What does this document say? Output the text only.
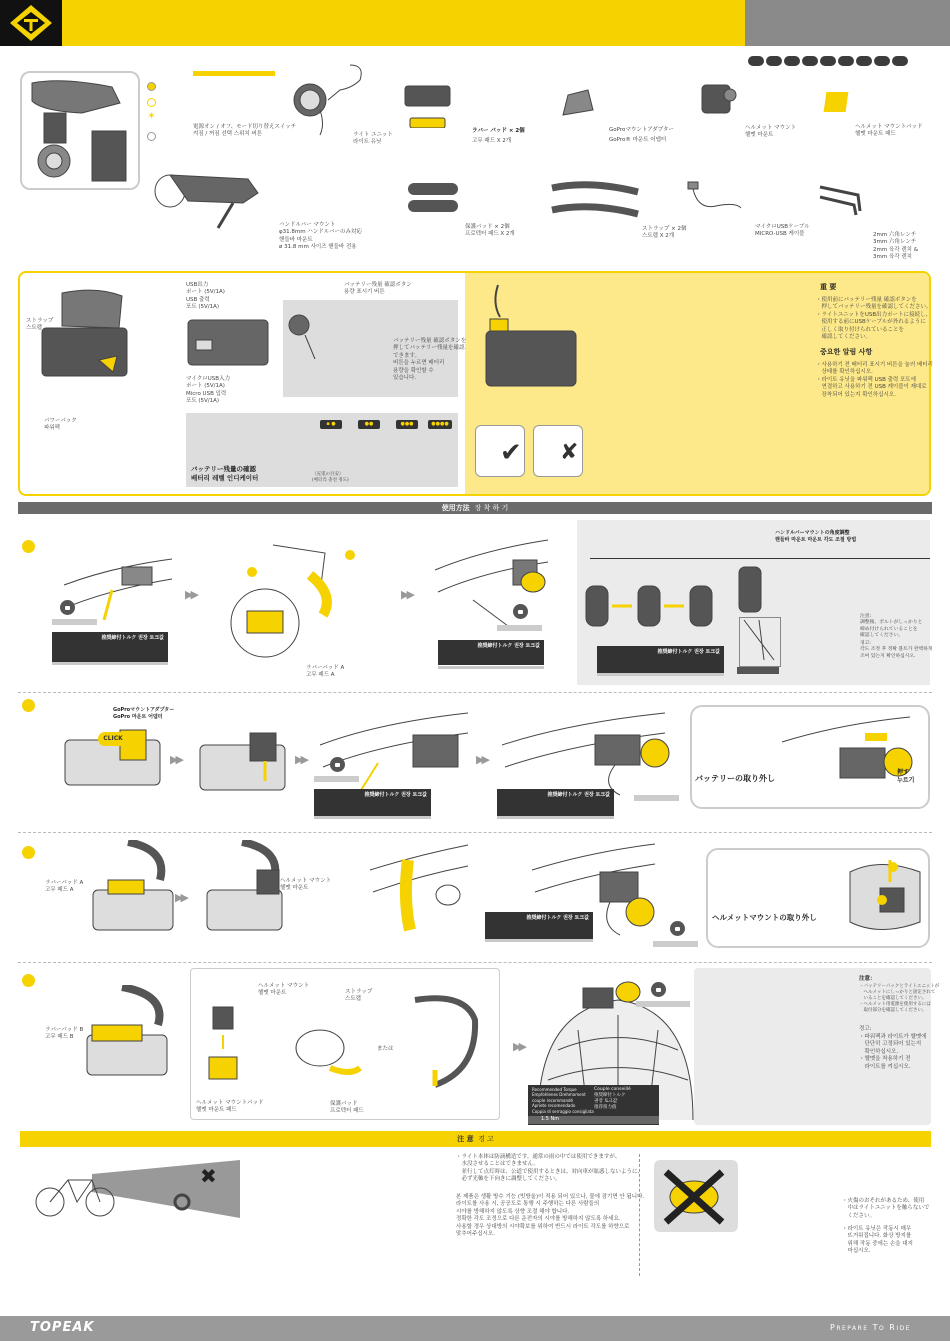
✶
電源オン / オフ、モード切り替えスイッチ
켜짐 / 꺼짐 선택 스위치 버튼	ライト ユニット
라이트 유닛
ラバー パッド × 2個
고무 패드 X 2개
GoProマウントアダプター
GoPro® 마운트 어댑터
ヘルメット マウント
헬멧 마운트
ヘルメット マウントパッド
헬멧 마운트 패드
ハンドルバー マウント
φ31.8mm ハンドルバーのみ対応
핸들바 마운트
ø 31.8 mm 사이즈 핸들바 전용
保護パッド × 2個
프로텍터 패드 X 2개
ストラップ × 2個
스트랩 X 2개
マイクロUSBケーブル
MICRO-USB 케이블	2mm 六角レンチ
3mm 六角レンチ
2mm 육각 렌치 &
3mm 육각 렌치
ストラップ
스트랩
パワーパック
파워팩
USB出力
ポート (5V/1A)
USB 출력
포트 (5V/1A)
バッテリー残量 確認ボタン
용량 표시기 버튼
マイクロUSB入力
ポート (5V/1A)
Micro USB 입력
포트 (5V/1A)
バッテリー残量 確認ボタンを
押してバッテリー残量を確認
できます。
버튼을 누르면 배터리
용량을 확인할 수
있습니다.
▪ ●	●●	●●●	●●●●
バッテリー残量の確認
배터리 레벨 인디케이터	（充電の目安）
(배터리 충전 정도)
✔ ✘
重 要
・使用前にバッテリー残量 確認ボタンを
　押してバッテリー残量を確認してください。
・ライトユニットをUSB出力ポートに接続し、
　使用する前にUSBケーブルが外れるように
　正しく取り付けられていることを
　確認してください。
중요한 알림 사항
・사용하기 전 배터리 표시기 버튼을 눌러 배터리
　상태를 확인하십시오.
・라이트 유닛을 파워팩 USB 출력 포트에
　연결하고 사용하기 전 USB 케이블이 제대로
　장착되어 있는지 확인하십시오.
使用方法 장 착 하 기
推奨締付トルク 권장 토크값
▶▶
ラバーパッド A
고무 패드 A
▶▶
推奨締付トルク 권장 토크값
ハンドルバーマウントの角度調整
핸들바 마운트 마운트 각도 조절 방법
推奨締付トルク 권장 토크값
注意:
調整後、ボルトがしっかりと
締め付けられていることを
確認してください。
경고:
각도 조정 후 정확 볼트가 완벽하게
조여 있는지 확인하십시오.
GoProマウントアダプター
GoPro 마운트 어댑터
CLICK
▶▶	▶▶
推奨締付トルク 권장 토크값
▶▶
推奨締付トルク 권장 토크값
バッテリーの取り外し
押す
누르기
ラバーパッド A
고무 패드 A
▶▶
ヘルメット マウント
헬멧 마운트
推奨締付トルク 권장 토크값	ヘルメットマウントの取り外し
ラバーパッド B
고무 패드 B
ヘルメット マウント
헬멧 마운트	ストラップ
스트랩
または
ヘルメット マウントパッド
헬멧 마운트 패드
保護パッド
프로텍터 패드
▶▶
Recommended Torque
Empfohlenes Drehmoment
couple recommandé
Apriete recomendado
Coppia di serraggio consigliata
Couple conseillé
推奨締付トルク
권장 토크값
推荐扭力值
1.5 Nm
注意：
・バッテリーパックとライトユニットが
　ヘルメットにしっかりと固定されて
　いることを確認してください。
・ヘルメット用電源を使用するには
　取付部分を確認してください。
경고:
・파워팩과 라이트가 헬멧에
　단단히 고정되어 있는지
　확인하십시오.
・헬멧을 착용하기 전
　라이트를 켜십시오.
注 意 경 고
✖
・ライト本体は防滴構造です。通常の雨の中では使用できますが、
　水没させることはできません。
　並行して点灯時は、公道で使用するときは、対向車が眩惑しないように、
　必ず光軸を下向きに調整してください。
본 제품은 생활 방수 기능 (빗방울)이 적용 되어 있으나, 물에 잠기면 안 됩니다.
라이트를 사용 시, 공공도로 통행 시 주행하는 다른 사람들의
시야를 방해하지 않도록 상향 조절 해야 합니다.
정확한 각도 조정으로 다른 운전자의 시야를 방해하지 않도록 하세요.
사용할 경우 상대방의 시야확보를 위하여 반드시 라이트 각도를 하향으로
맞추어주십시오.
・火傷のおそれがあるため、使用
　中はライトユニットを触らないで
　ください。
・라이트 유닛은 작동시 매우
　뜨거워집니다. 화상 방지를
　위해 작동 중에는 손을 대지
　마십시오.
TOPEAK	Prepare To Ride
